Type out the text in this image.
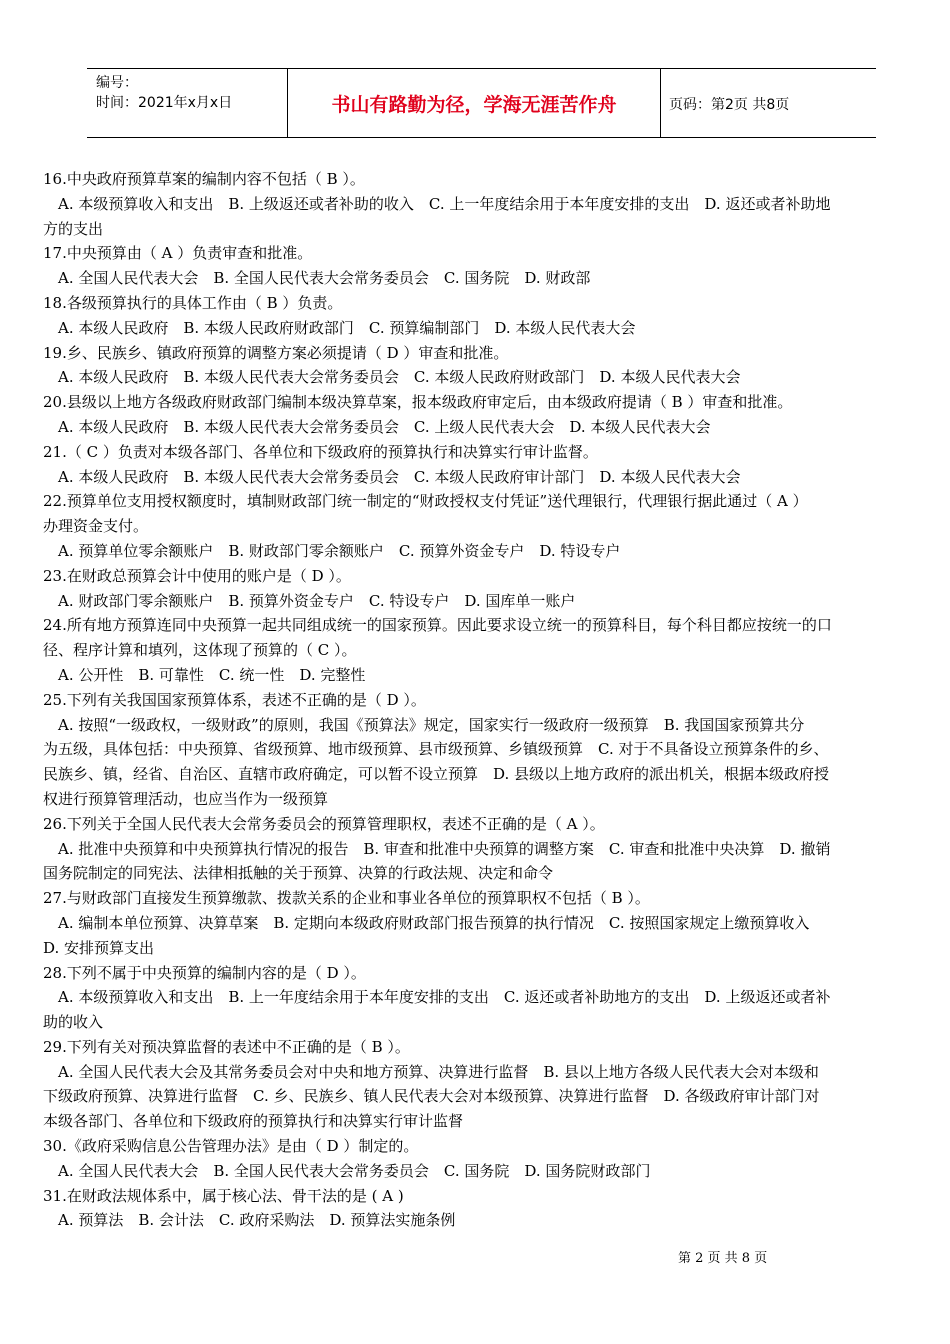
编号：
时间：2021年x月x日	书山有路勤为径，学海无涯苦作舟	页码：第2页 共8页

16.中央政府预算草案的编制内容不包括（ B ）。

A. 本级预算收入和支出　B. 上级返还或者补助的收入　C. 上一年度结余用于本年度安排的支出　D. 返还或者补助地

方的支出

17.中央预算由（ A ）负责审查和批准。

A. 全国人民代表大会　B. 全国人民代表大会常务委员会　C. 国务院　D. 财政部

18.各级预算执行的具体工作由（ B ）负责。

A. 本级人民政府　B. 本级人民政府财政部门　C. 预算编制部门　D. 本级人民代表大会

19.乡、民族乡、镇政府预算的调整方案必须提请（ D ）审查和批准。

A. 本级人民政府　B. 本级人民代表大会常务委员会　C. 本级人民政府财政部门　D. 本级人民代表大会

20.县级以上地方各级政府财政部门编制本级决算草案，报本级政府审定后，由本级政府提请（ B ）审查和批准。

A. 本级人民政府　B. 本级人民代表大会常务委员会　C. 上级人民代表大会　D. 本级人民代表大会

21.（ C ）负责对本级各部门、各单位和下级政府的预算执行和决算实行审计监督。

A. 本级人民政府　B. 本级人民代表大会常务委员会　C. 本级人民政府审计部门　D. 本级人民代表大会

22.预算单位支用授权额度时，填制财政部门统一制定的“财政授权支付凭证”送代理银行，代理银行据此通过（ A ）

办理资金支付。

A. 预算单位零余额账户　B. 财政部门零余额账户　C. 预算外资金专户　D. 特设专户

23.在财政总预算会计中使用的账户是（ D ）。

A. 财政部门零余额账户　B. 预算外资金专户　C. 特设专户　D. 国库单一账户

24.所有地方预算连同中央预算一起共同组成统一的国家预算。因此要求设立统一的预算科目，每个科目都应按统一的口

径、程序计算和填列，这体现了预算的（ C ）。

A. 公开性　B. 可靠性　C. 统一性　D. 完整性

25.下列有关我国国家预算体系，表述不正确的是（ D ）。

A. 按照“一级政权，一级财政”的原则，我国《预算法》规定，国家实行一级政府一级预算　B. 我国国家预算共分

为五级，具体包括：中央预算、省级预算、地市级预算、县市级预算、乡镇级预算　C. 对于不具备设立预算条件的乡、

民族乡、镇，经省、自治区、直辖市政府确定，可以暂不设立预算　D. 县级以上地方政府的派出机关，根据本级政府授

权进行预算管理活动，也应当作为一级预算

26.下列关于全国人民代表大会常务委员会的预算管理职权，表述不正确的是（ A ）。

A. 批准中央预算和中央预算执行情况的报告　B. 审查和批准中央预算的调整方案　C. 审查和批准中央决算　D. 撤销

国务院制定的同宪法、法律相抵触的关于预算、决算的行政法规、决定和命令

27.与财政部门直接发生预算缴款、拨款关系的企业和事业各单位的预算职权不包括（ B ）。

A. 编制本单位预算、决算草案　B. 定期向本级政府财政部门报告预算的执行情况　C. 按照国家规定上缴预算收入

D. 安排预算支出

28.下列不属于中央预算的编制内容的是（ D ）。

A. 本级预算收入和支出　B. 上一年度结余用于本年度安排的支出　C. 返还或者补助地方的支出　D. 上级返还或者补

助的收入

29.下列有关对预决算监督的表述中不正确的是（ B ）。

A. 全国人民代表大会及其常务委员会对中央和地方预算、决算进行监督　B. 县以上地方各级人民代表大会对本级和

下级政府预算、决算进行监督　C. 乡、民族乡、镇人民代表大会对本级预算、决算进行监督　D. 各级政府审计部门对

本级各部门、各单位和下级政府的预算执行和决算实行审计监督

30.《政府采购信息公告管理办法》是由（ D ）制定的。

A. 全国人民代表大会　B. 全国人民代表大会常务委员会　C. 国务院　D. 国务院财政部门

31.在财政法规体系中，属于核心法、骨干法的是 ( A )

A. 预算法　B. 会计法　C. 政府采购法　D. 预算法实施条例

第 2 页 共 8 页
